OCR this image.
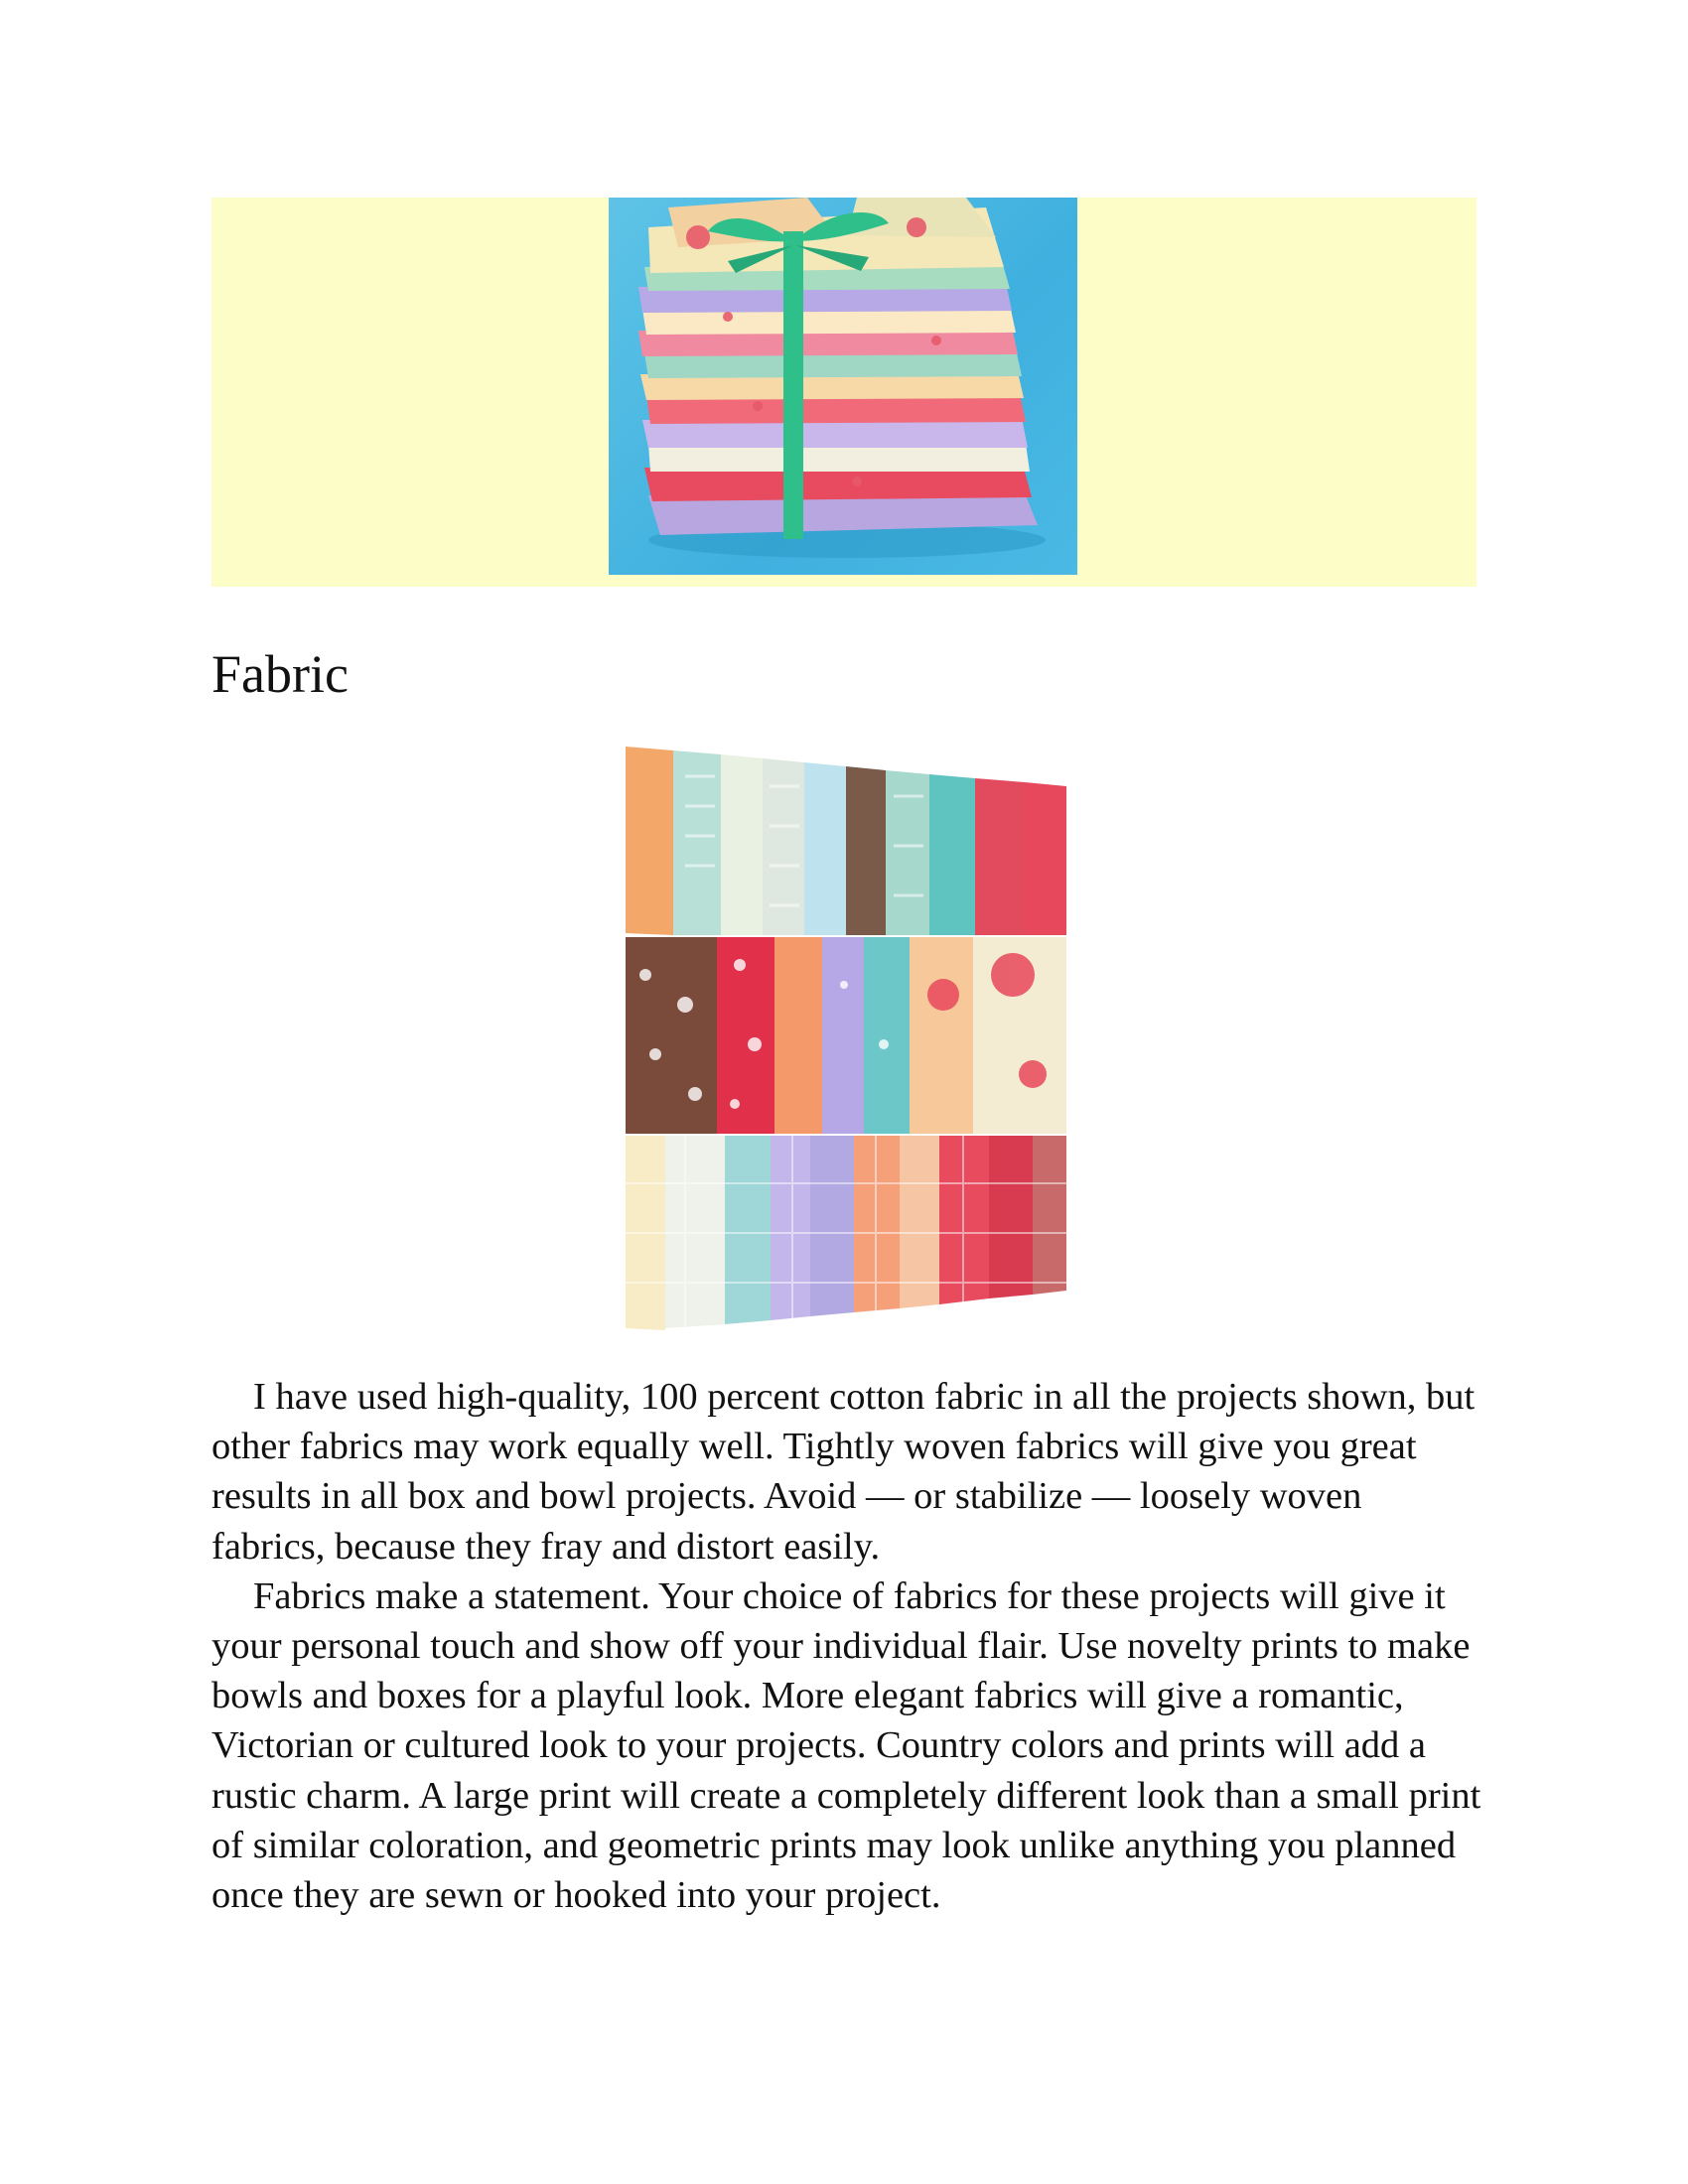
Fabric

I have used high-quality, 100 percent cotton fabric in all the projects shown, but other fabrics may work equally well. Tightly woven fabrics will give you great results in all box and bowl projects. Avoid — or stabilize — loosely woven fabrics, because they fray and distort easily.

Fabrics make a statement. Your choice of fabrics for these projects will give it your personal touch and show off your individual flair. Use novelty prints to make bowls and boxes for a playful look. More elegant fabrics will give a romantic, Victorian or cultured look to your projects. Country colors and prints will add a rustic charm. A large print will create a completely different look than a small print of similar coloration, and geometric prints may look unlike anything you planned once they are sewn or hooked into your project.
